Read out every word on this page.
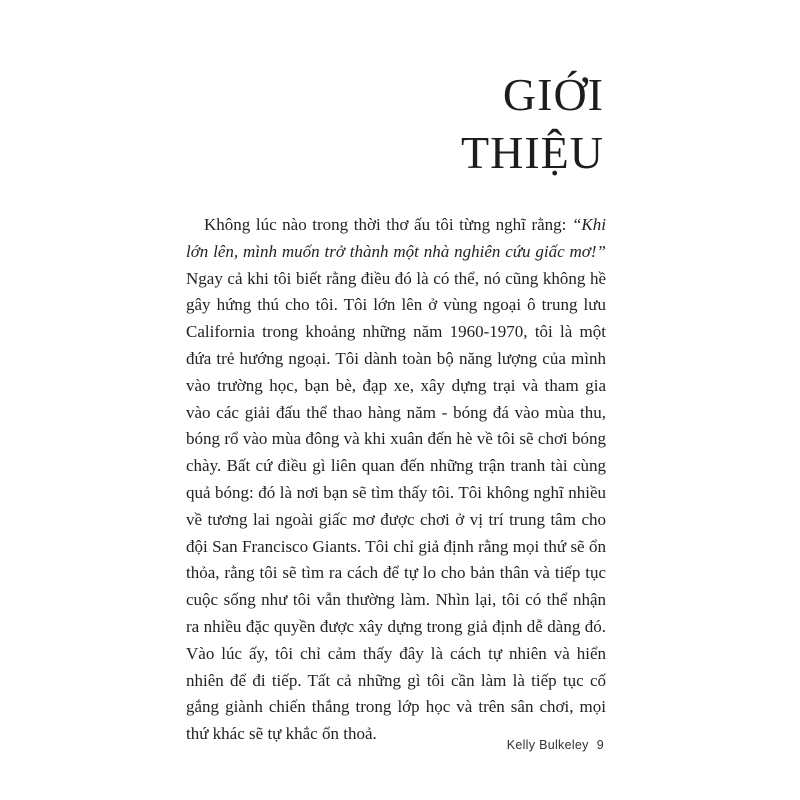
GIỚI
THIỆU

Không lúc nào trong thời thơ ấu tôi từng nghĩ rằng: “Khi lớn lên, mình muốn trở thành một nhà nghiên cứu giấc mơ!” Ngay cả khi tôi biết rằng điều đó là có thể, nó cũng không hề gây hứng thú cho tôi. Tôi lớn lên ở vùng ngoại ô trung lưu California trong khoảng những năm 1960-1970, tôi là một đứa trẻ hướng ngoại. Tôi dành toàn bộ năng lượng của mình vào trường học, bạn bè, đạp xe, xây dựng trại và tham gia vào các giải đấu thể thao hàng năm - bóng đá vào mùa thu, bóng rổ vào mùa đông và khi xuân đến hè về tôi sẽ chơi bóng chày. Bất cứ điều gì liên quan đến những trận tranh tài cùng quả bóng: đó là nơi bạn sẽ tìm thấy tôi. Tôi không nghĩ nhiều về tương lai ngoài giấc mơ được chơi ở vị trí trung tâm cho đội San Francisco Giants. Tôi chỉ giả định rằng mọi thứ sẽ ổn thỏa, rằng tôi sẽ tìm ra cách để tự lo cho bản thân và tiếp tục cuộc sống như tôi vẫn thường làm. Nhìn lại, tôi có thể nhận ra nhiều đặc quyền được xây dựng trong giả định dễ dàng đó. Vào lúc ấy, tôi chỉ cảm thấy đây là cách tự nhiên và hiển nhiên để đi tiếp. Tất cả những gì tôi cần làm là tiếp tục cố gắng giành chiến thắng trong lớp học và trên sân chơi, mọi thứ khác sẽ tự khắc ổn thoả.

Kelly Bulkeley 9
